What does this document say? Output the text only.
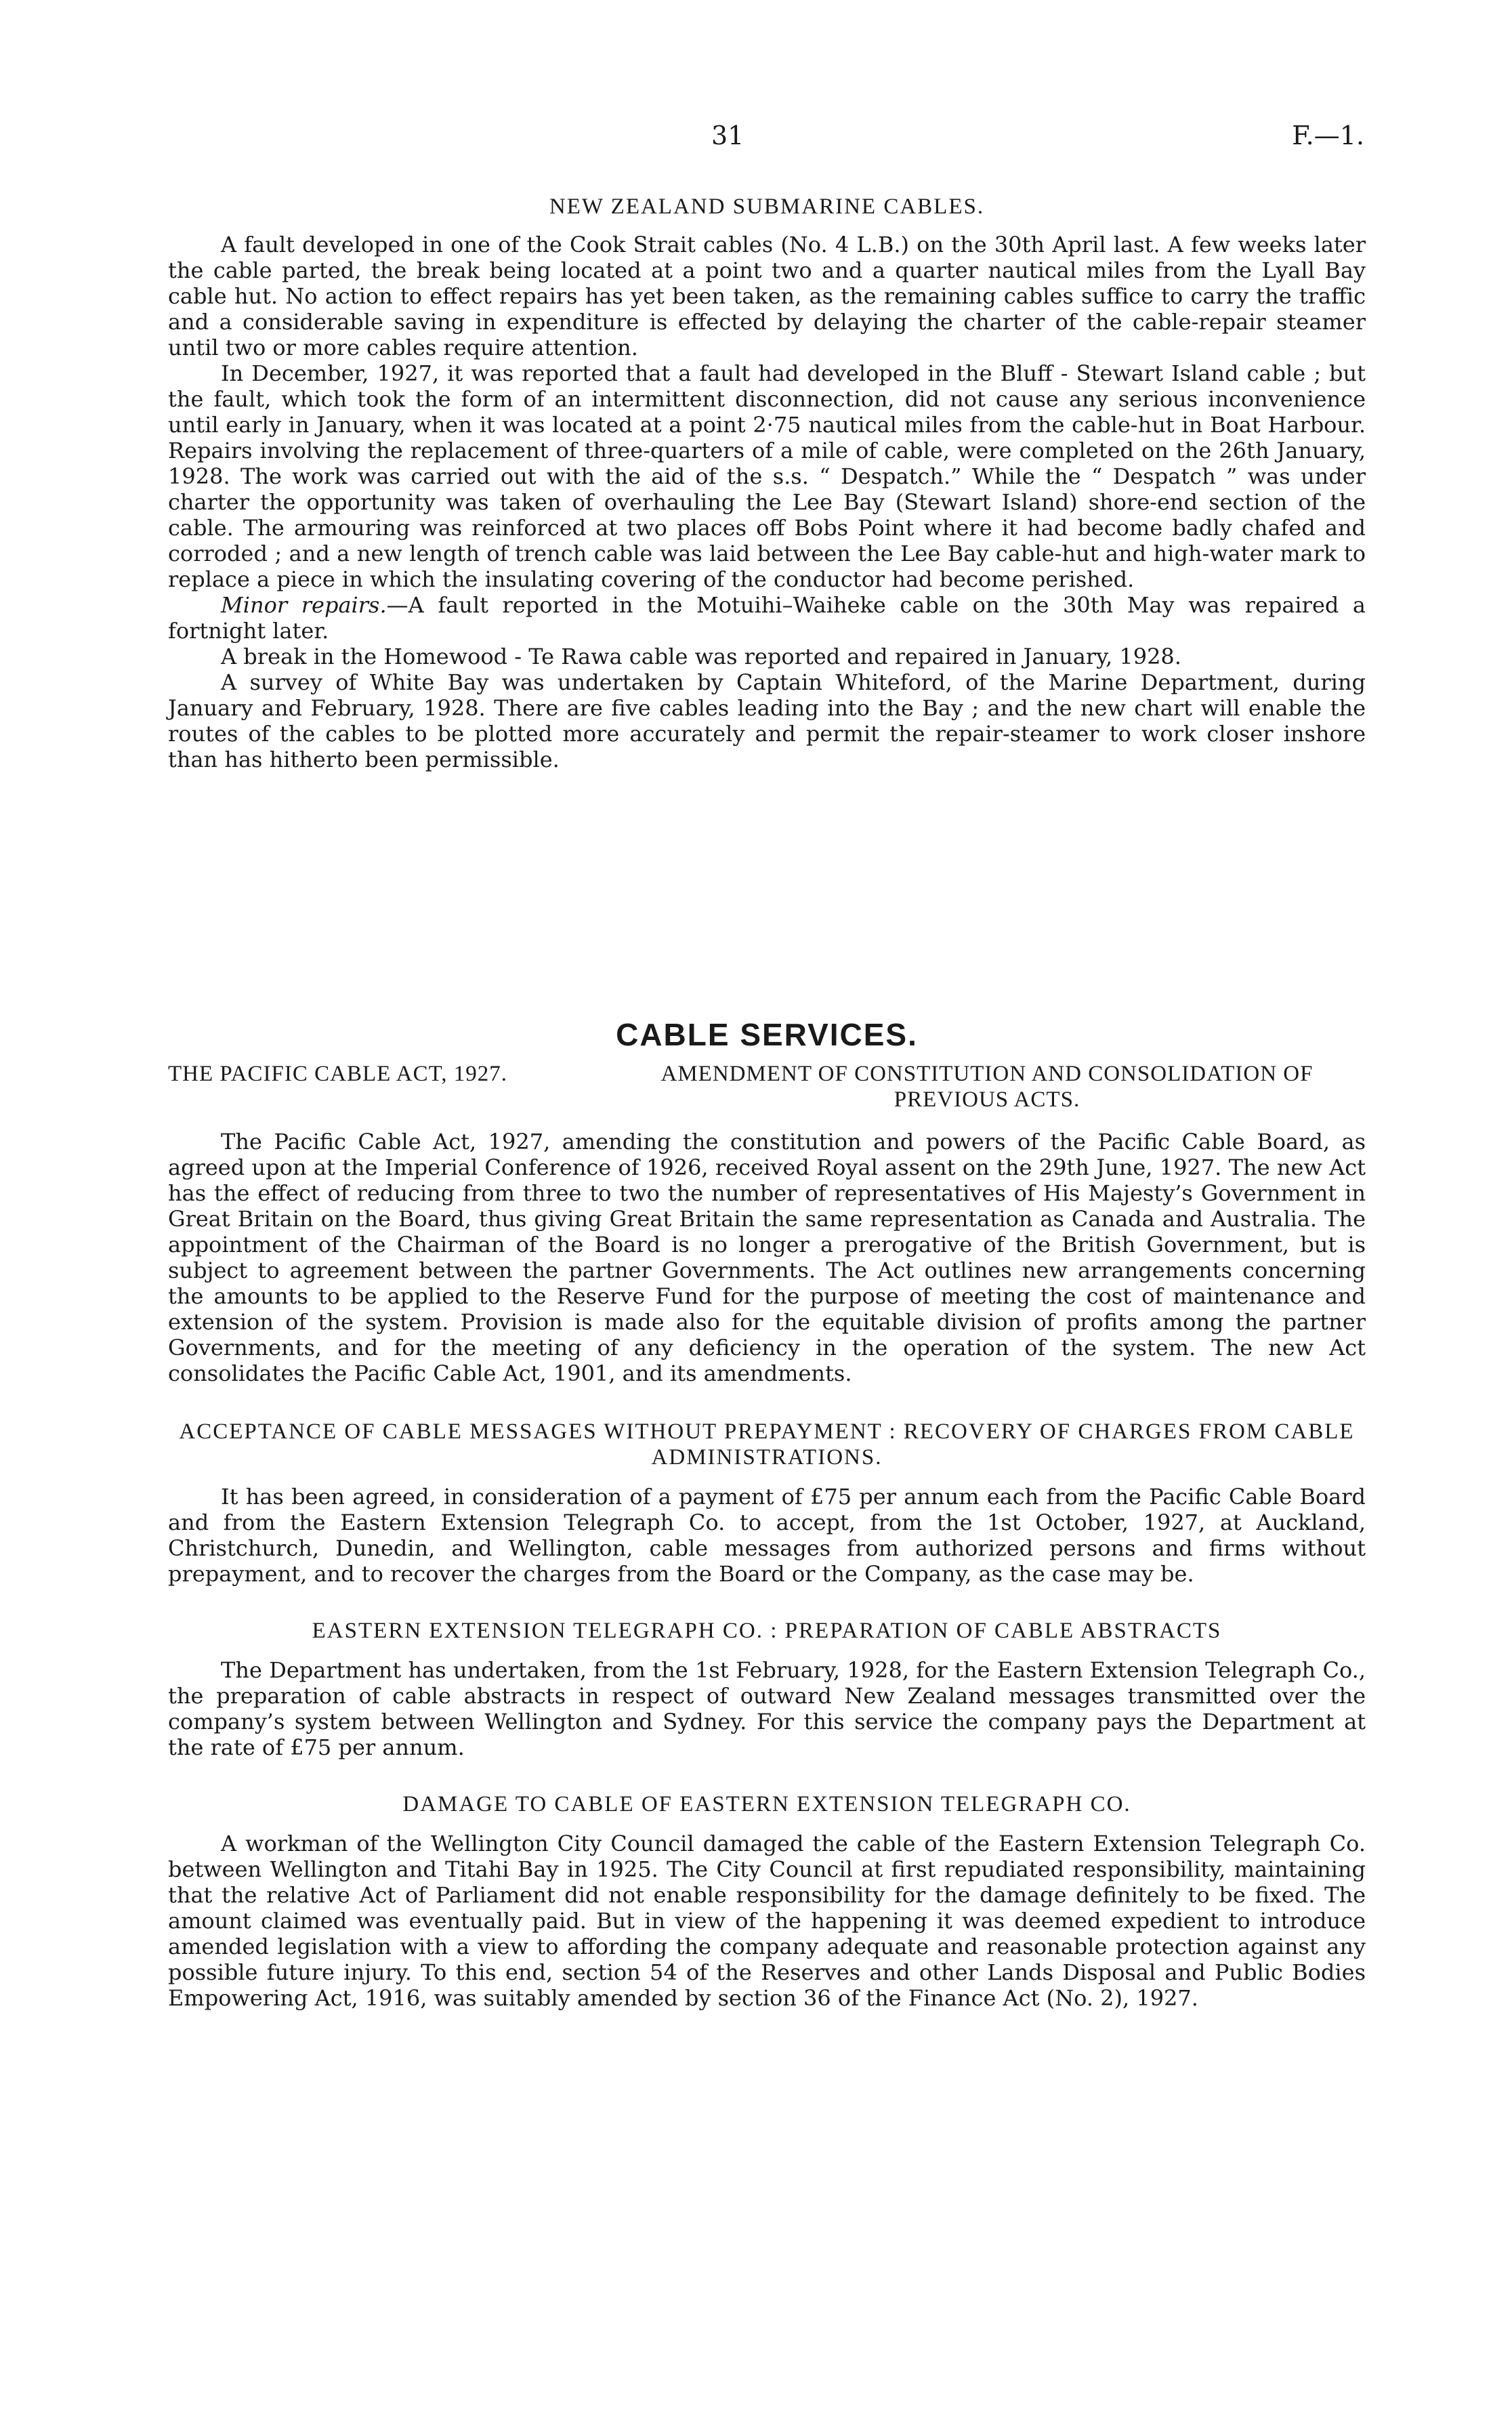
31	F.—1.
NEW ZEALAND SUBMARINE CABLES.

A fault developed in one of the Cook Strait cables (No. 4 L.B.) on the 30th April last. A few weeks later the cable parted, the break being located at a point two and a quarter nautical miles from the Lyall Bay cable hut. No action to effect repairs has yet been taken, as the remaining cables suffice to carry the traffic and a considerable saving in expenditure is effected by delaying the charter of the cable-repair steamer until two or more cables require attention.

In December, 1927, it was reported that a fault had developed in the Bluff - Stewart Island cable ; but the fault, which took the form of an intermittent disconnection, did not cause any serious inconvenience until early in January, when it was located at a point 2·75 nautical miles from the cable-hut in Boat Harbour. Repairs involving the replacement of three-quarters of a mile of cable, were completed on the 26th January, 1928. The work was carried out with the aid of the s.s. “ Despatch.” While the “ Despatch ” was under charter the opportunity was taken of overhauling the Lee Bay (Stewart Island) shore-end section of the cable. The armouring was reinforced at two places off Bobs Point where it had become badly chafed and corroded ; and a new length of trench cable was laid between the Lee Bay cable-hut and high-water mark to replace a piece in which the insulating covering of the conductor had become perished.

Minor repairs.—A fault reported in the Motuihi–Waiheke cable on the 30th May was repaired a fortnight later.

A break in the Homewood - Te Rawa cable was reported and repaired in January, 1928.

A survey of White Bay was undertaken by Captain Whiteford, of the Marine Department, during January and February, 1928. There are five cables leading into the Bay ; and the new chart will enable the routes of the cables to be plotted more accurately and permit the repair-steamer to work closer inshore than has hitherto been permissible.

CABLE SERVICES.
THE PACIFIC CABLE ACT, 1927.	AMENDMENT OF CONSTITUTION AND CONSOLIDATION OF PREVIOUS ACTS.

The Pacific Cable Act, 1927, amending the constitution and powers of the Pacific Cable Board, as agreed upon at the Imperial Conference of 1926, received Royal assent on the 29th June, 1927. The new Act has the effect of reducing from three to two the number of representatives of His Majesty’s Government in Great Britain on the Board, thus giving Great Britain the same representation as Canada and Australia. The appointment of the Chairman of the Board is no longer a prerogative of the British Government, but is subject to agreement between the partner Governments. The Act outlines new arrangements concerning the amounts to be applied to the Reserve Fund for the purpose of meeting the cost of maintenance and extension of the system. Provision is made also for the equitable division of profits among the partner Governments, and for the meeting of any deficiency in the operation of the system. The new Act consolidates the Pacific Cable Act, 1901, and its amendments.

ACCEPTANCE OF CABLE MESSAGES WITHOUT PREPAYMENT : RECOVERY OF CHARGES FROM CABLE ADMINISTRATIONS.

It has been agreed, in consideration of a payment of £75 per annum each from the Pacific Cable Board and from the Eastern Extension Telegraph Co. to accept, from the 1st October, 1927, at Auckland, Christchurch, Dunedin, and Wellington, cable messages from authorized persons and firms without prepayment, and to recover the charges from the Board or the Company, as the case may be.

EASTERN EXTENSION TELEGRAPH CO. : PREPARATION OF CABLE ABSTRACTS

The Department has undertaken, from the 1st February, 1928, for the Eastern Extension Telegraph Co., the preparation of cable abstracts in respect of outward New Zealand messages transmitted over the company’s system between Wellington and Sydney. For this service the company pays the Department at the rate of £75 per annum.

DAMAGE TO CABLE OF EASTERN EXTENSION TELEGRAPH CO.

A workman of the Wellington City Council damaged the cable of the Eastern Extension Telegraph Co. between Wellington and Titahi Bay in 1925. The City Council at first repudiated responsibility, maintaining that the relative Act of Parliament did not enable responsibility for the damage definitely to be fixed. The amount claimed was eventually paid. But in view of the happening it was deemed expedient to introduce amended legislation with a view to affording the company adequate and reasonable protection against any possible future injury. To this end, section 54 of the Reserves and other Lands Disposal and Public Bodies Empowering Act, 1916, was suitably amended by section 36 of the Finance Act (No. 2), 1927.
